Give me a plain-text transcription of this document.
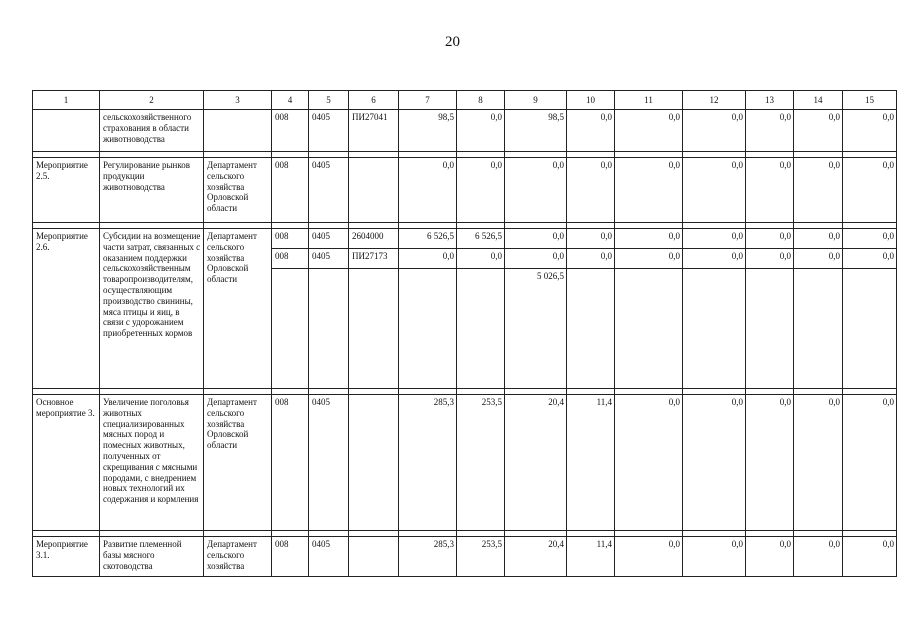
20
1	2	3	4	5	6	7	8	9	10	11	12	13	14	15
	сельскохозяйственного страхования в области животноводства		008	0405	ПИ27041	98,5	0,0	98,5	0,0	0,0	0,0	0,0	0,0	0,0

Мероприятие 2.5.	Регулирование рынков продукции животноводства	Департамент сельского хозяйства Орловской области	008	0405		0,0	0,0	0,0	0,0	0,0	0,0	0,0	0,0	0,0

Мероприятие 2.6.	Субсидии на возмещение части затрат, связанных с оказанием поддержки сельскохозяйственным товаропроизводителям, осуществляющим производство свинины, мяса птицы и яиц, в связи с удорожанием приобретенных кормов	Департамент сельского хозяйства Орловской области	008	0405	2604000	6 526,5	6 526,5	0,0	0,0	0,0	0,0	0,0	0,0	0,0
			008	0405	ПИ27173	0,0	0,0	0,0	0,0	0,0	0,0	0,0	0,0	0,0
								5 026,5						

Основное мероприятие 3.	Увеличение поголовья животных специализированных мясных пород и помесных животных, полученных от скрещивания с мясными породами, с внедрением новых технологий их содержания и кормления	Департамент сельского хозяйства Орловской области	008	0405		285,3	253,5	20,4	11,4	0,0	0,0	0,0	0,0	0,0

Мероприятие 3.1.	Развитие племенной базы мясного скотоводства	Департамент сельского хозяйства	008	0405		285,3	253,5	20,4	11,4	0,0	0,0	0,0	0,0	0,0
